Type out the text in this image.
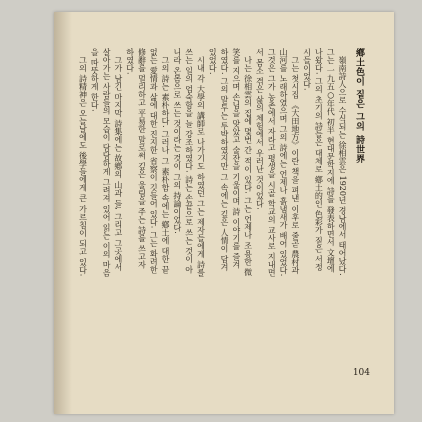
鄕土色이 짙은 그의 詩世界

嶺南詩人으로 수식되는 徐相雲은 1920년 경남에서 태어났다. 그는 一九五○年代 初半 현대문학지에 詩를 發表하면서 文壇에 나왔다. 그의 초기의 詩들은 대체로 鄕土的인 色彩가 짙은 서정시들이었다.

그는 첫시집 《大田地方》이란 책을 펴낸 이후로 줄곧 農村과 山河를 노래하였으며 그의 詩에는 언제나 흙냄새가 배어 있었다. 그것은 그가 농촌에서 자라고 평생을 시골 학교의 교사로 지내면서 몸소 겪은 삶의 체험에서 우러난 것이었다.

나는 徐相雲의 집에 몇번 간 적이 있다. 그는 언제나 조용한 微笑를 지으며 손님을 맞았고 술잔을 기울이며 詩 이야기를 즐겨 하였다. 그의 말투는 투박하였지만 그 속에는 깊은 人情이 담겨 있었다.

시내 각 大學의 講師로 나가기도 하였던 그는 제자들에게 詩를 쓰는 일의 엄숙함을 늘 강조하였다. 詩는 손끝으로 쓰는 것이 아니라 온몸으로 쓰는 것이라는 것이 그의 持論이었다.

그의 詩는 素朴하다. 그러나 그 素朴함 속에는 鄕土에 대한 끝없는 愛情과 삶에 대한 진지한 省察이 깃들어 있다. 그는 화려한 修辭를 멀리하고 平易한 말로써 깊은 울림을 주는 詩를 쓰고자 하였다.

그가 남긴 마지막 詩集에는 故鄕의 山과 들, 그리고 그곳에서 살아가는 사람들의 모습이 담담하게 그려져 있어 읽는 이의 마음을 따뜻하게 한다.

그의 詩精神은 오늘날에도 後學들에게 큰 가르침이 되고 있다.

104
